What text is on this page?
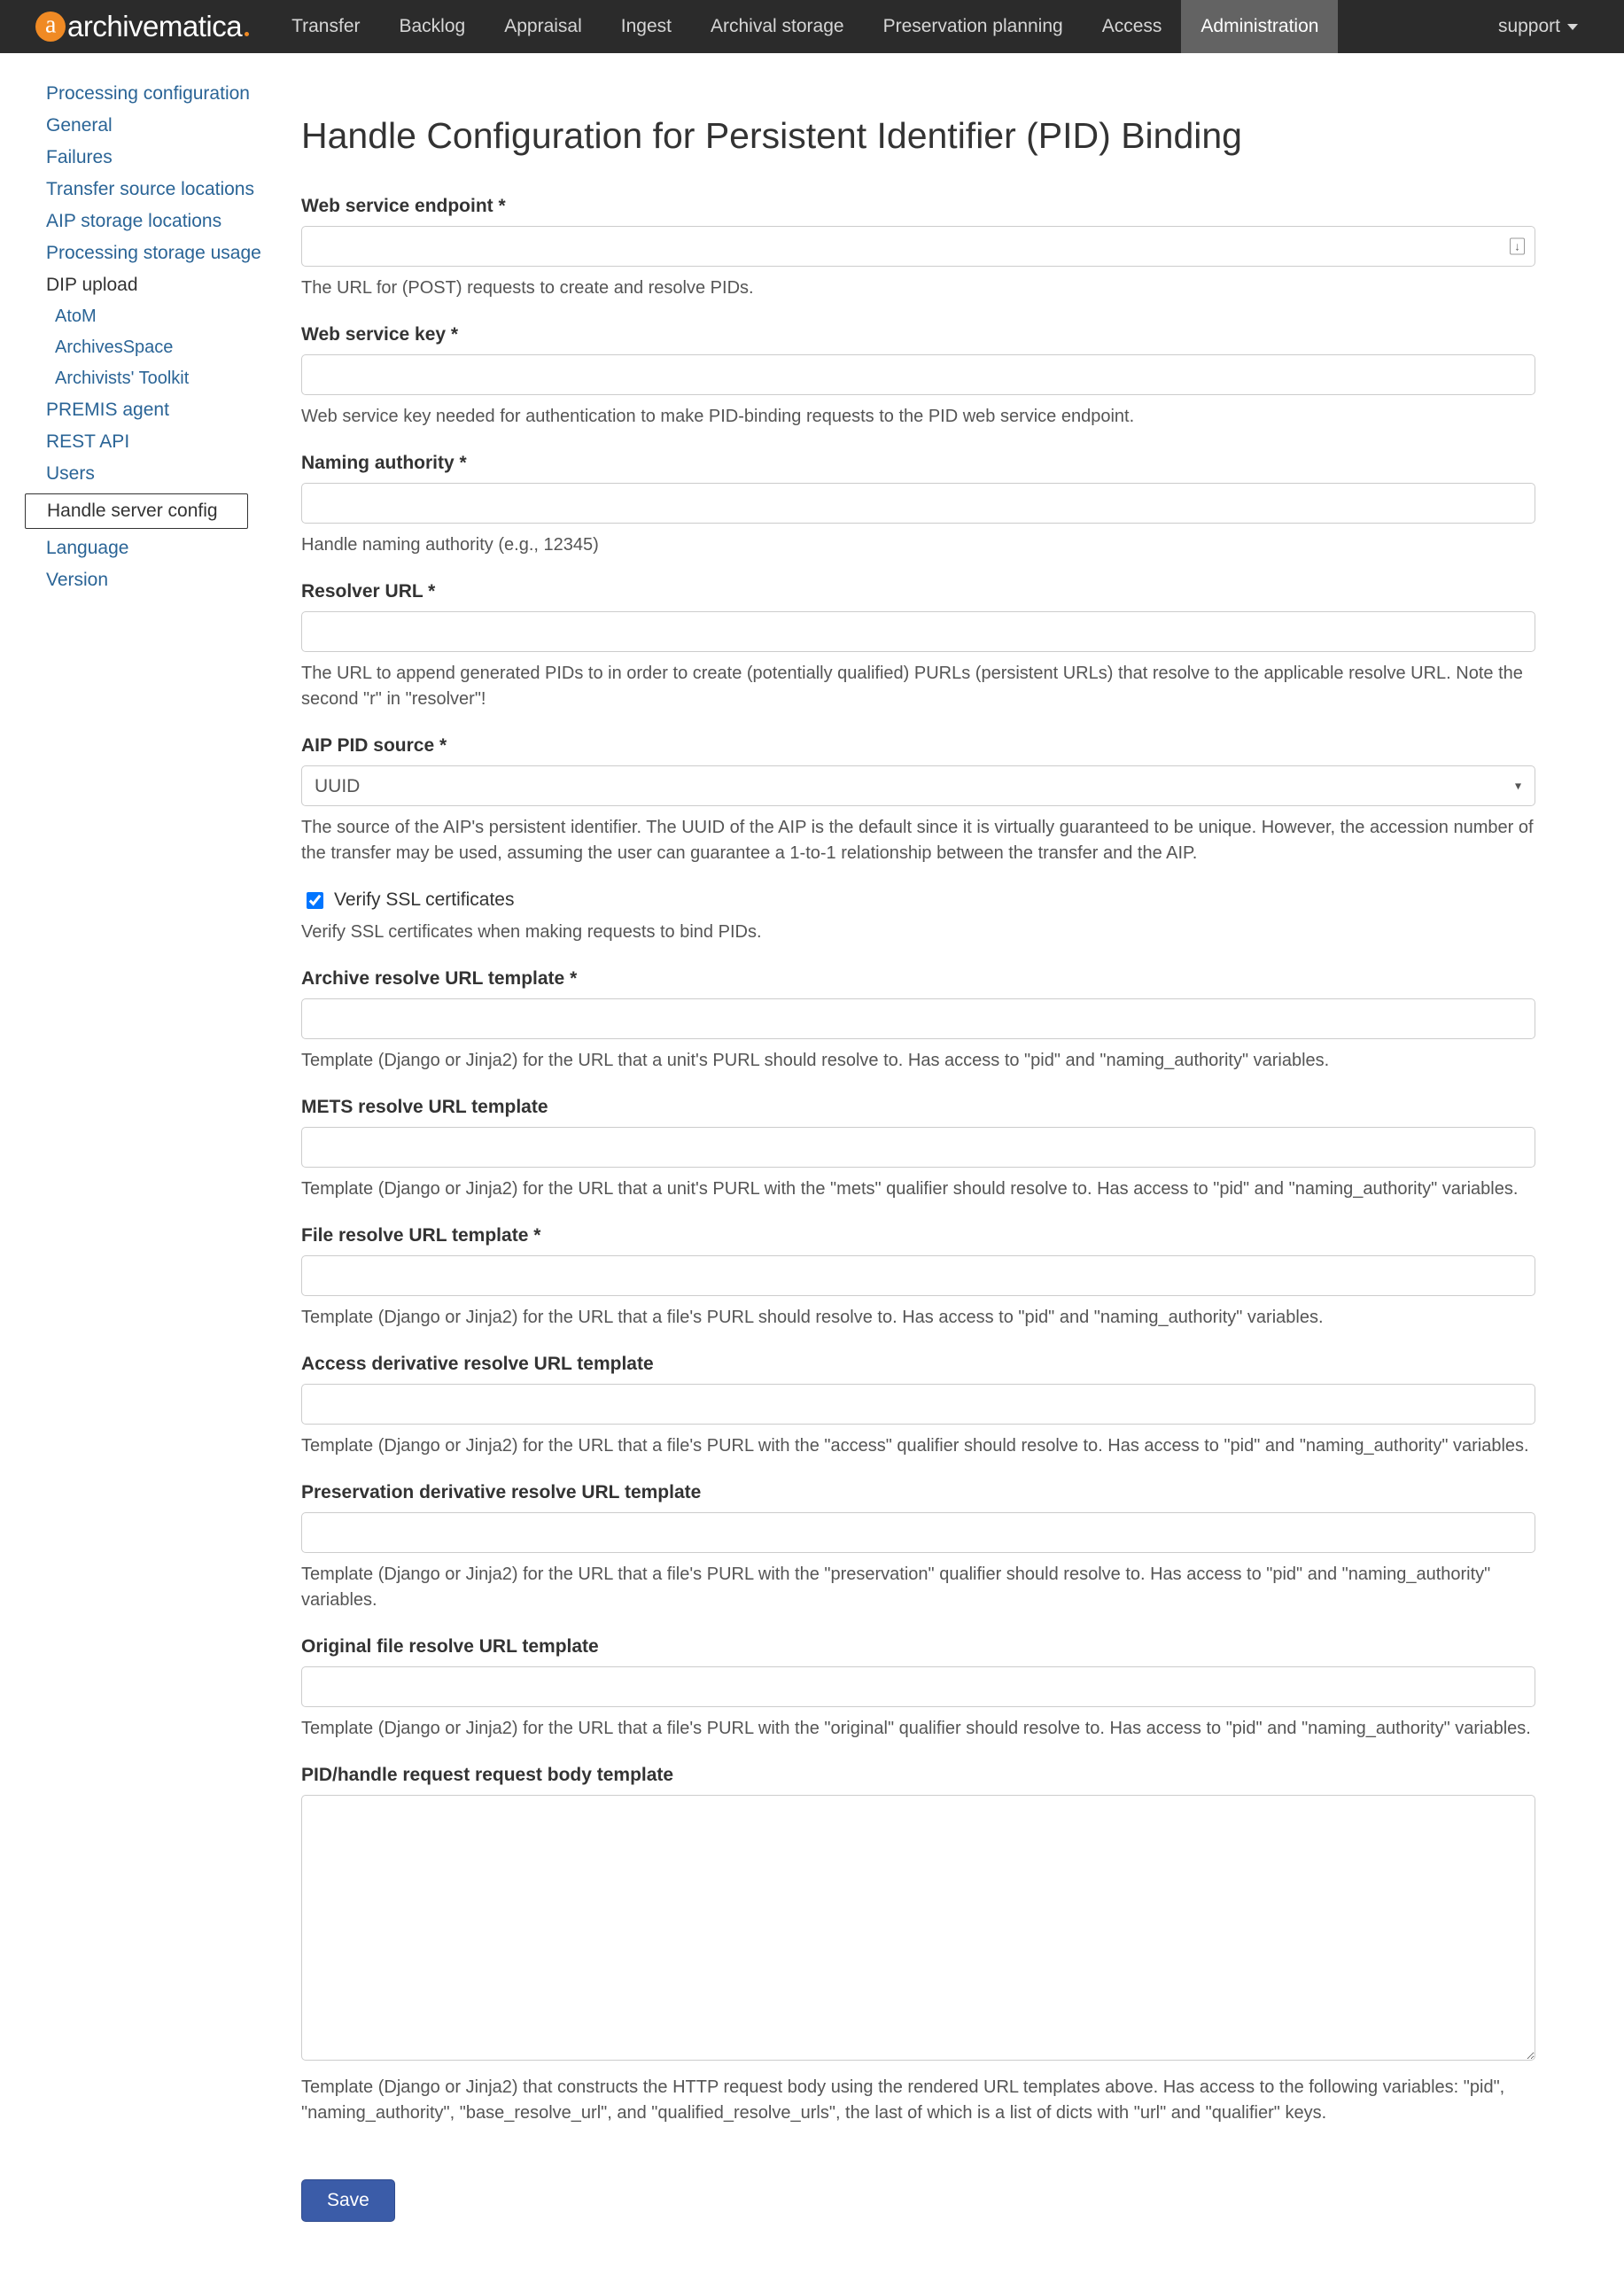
a
archivematica	Transfer	Backlog	Appraisal	Ingest	Archival storage	Preservation planning	Access	Administration	support
Processing configuration
General
Failures
Transfer source locations
AIP storage locations
Processing storage usage
DIP upload
AtoM
ArchivesSpace
Archivists' Toolkit
PREMIS agent
REST API
Users
Handle server config
Language
Version
Handle Configuration for Persistent Identifier (PID) Binding
Web service endpoint *
↓
The URL for (POST) requests to create and resolve PIDs.
Web service key *
Web service key needed for authentication to make PID-binding requests to the PID web service endpoint.
Naming authority *
Handle naming authority (e.g., 12345)
Resolver URL *
The URL to append generated PIDs to in order to create (potentially qualified) PURLs (persistent URLs) that resolve to the applicable resolve URL. Note the second "r" in "resolver"!
AIP PID source *
UUID
▾
The source of the AIP's persistent identifier. The UUID of the AIP is the default since it is virtually guaranteed to be unique. However, the accession number of the transfer may be used, assuming the user can guarantee a 1-to-1 relationship between the transfer and the AIP.
Verify SSL certificates
Verify SSL certificates when making requests to bind PIDs.
Archive resolve URL template *
Template (Django or Jinja2) for the URL that a unit's PURL should resolve to. Has access to "pid" and "naming_authority" variables.
METS resolve URL template
Template (Django or Jinja2) for the URL that a unit's PURL with the "mets" qualifier should resolve to. Has access to "pid" and "naming_authority" variables.
File resolve URL template *
Template (Django or Jinja2) for the URL that a file's PURL should resolve to. Has access to "pid" and "naming_authority" variables.
Access derivative resolve URL template
Template (Django or Jinja2) for the URL that a file's PURL with the "access" qualifier should resolve to. Has access to "pid" and "naming_authority" variables.
Preservation derivative resolve URL template
Template (Django or Jinja2) for the URL that a file's PURL with the "preservation" qualifier should resolve to. Has access to "pid" and "naming_authority" variables.
Original file resolve URL template
Template (Django or Jinja2) for the URL that a file's PURL with the "original" qualifier should resolve to. Has access to "pid" and "naming_authority" variables.
PID/handle request request body template
Template (Django or Jinja2) that constructs the HTTP request body using the rendered URL templates above. Has access to the following variables: "pid", "naming_authority", "base_resolve_url", and "qualified_resolve_urls", the last of which is a list of dicts with "url" and "qualifier" keys.
Save
